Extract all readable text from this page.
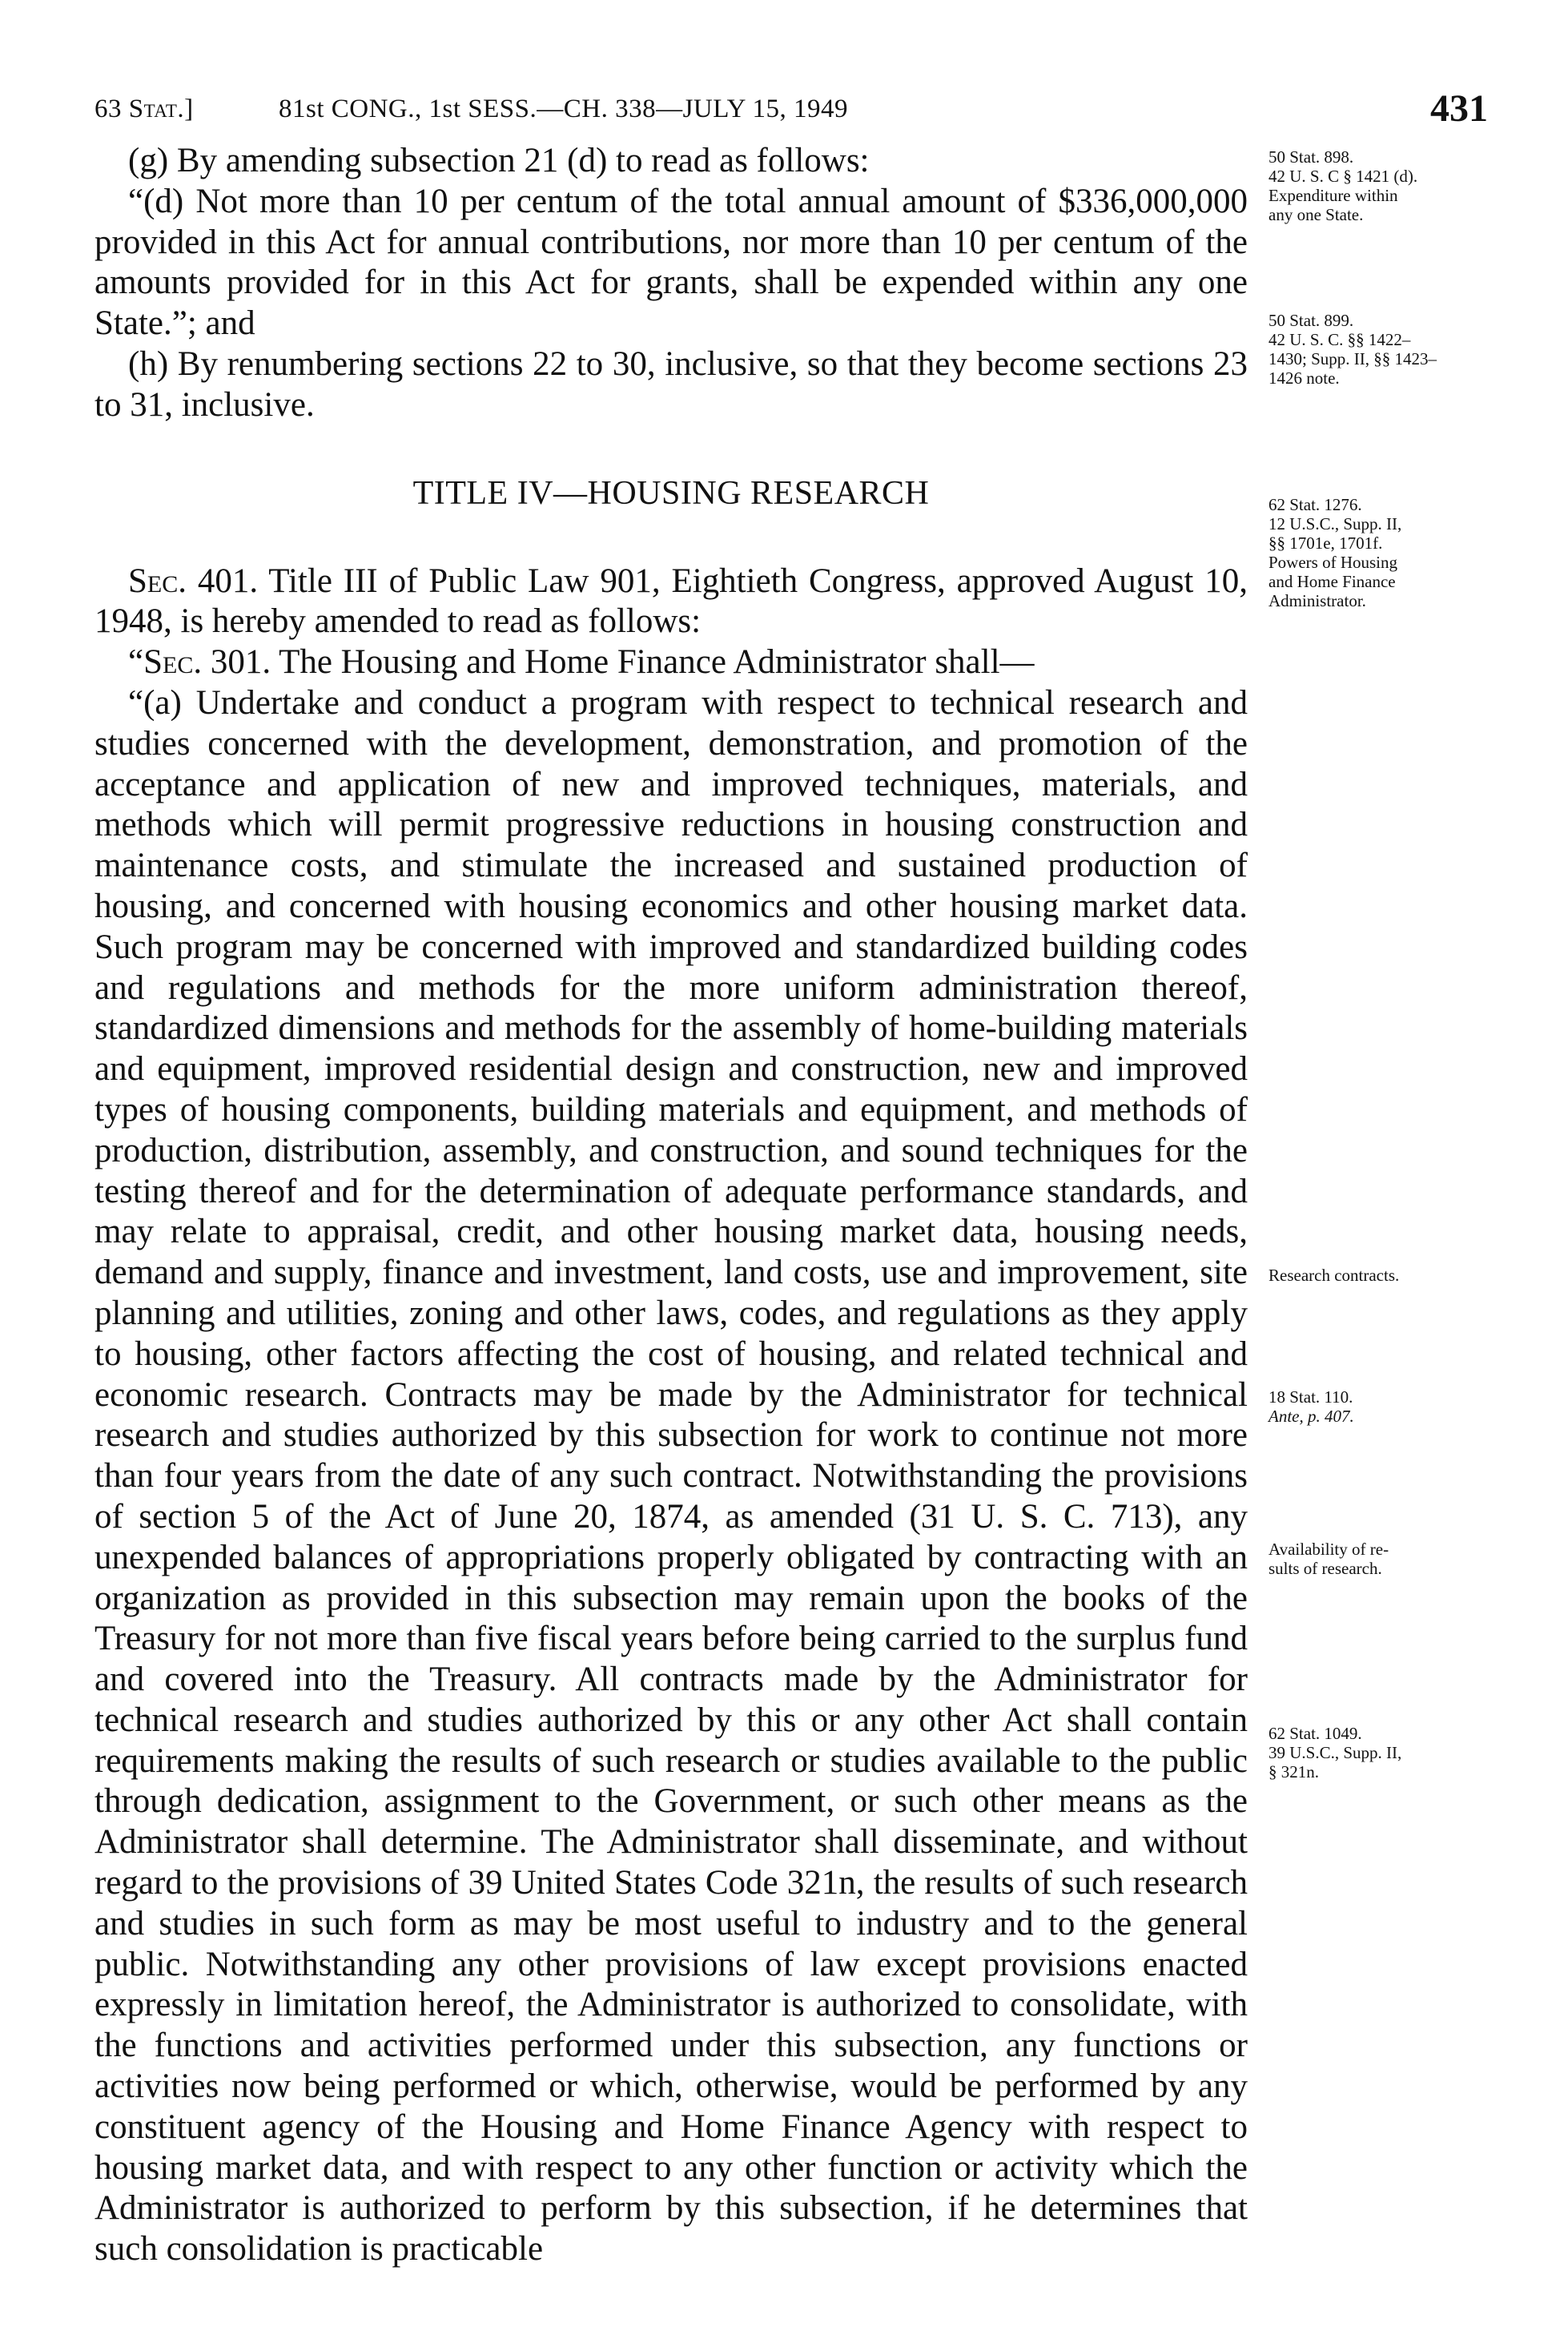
63 Stat.]	81st CONG., 1st SESS.—CH. 338—JULY 15, 1949	431

(g) By amending subsection 21 (d) to read as follows:

“(d) Not more than 10 per centum of the total annual amount of $336,000,000 provided in this Act for annual contributions, nor more than 10 per centum of the amounts provided for in this Act for grants, shall be expended within any one State.”; and

(h) By renumbering sections 22 to 30, inclusive, so that they become sections 23 to 31, inclusive.

TITLE IV—HOUSING RESEARCH

Sec. 401. Title III of Public Law 901, Eightieth Congress, approved August 10, 1948, is hereby amended to read as follows:

“Sec. 301. The Housing and Home Finance Administrator shall—

“(a) Undertake and conduct a program with respect to technical research and studies concerned with the development, demonstration, and promotion of the acceptance and application of new and improved techniques, materials, and methods which will permit progressive reductions in housing construction and maintenance costs, and stimulate the increased and sustained production of housing, and concerned with housing economics and other housing market data. Such program may be concerned with improved and standardized building codes and regulations and methods for the more uniform administration thereof, standardized dimensions and methods for the assembly of home-building materials and equipment, improved residential design and construction, new and improved types of housing components, building materials and equipment, and methods of production, distribution, assembly, and construction, and sound techniques for the testing thereof and for the determination of adequate performance standards, and may relate to appraisal, credit, and other housing market data, housing needs, demand and supply, finance and investment, land costs, use and improvement, site planning and utilities, zoning and other laws, codes, and regulations as they apply to housing, other factors affecting the cost of housing, and related technical and economic research. Contracts may be made by the Administrator for technical research and studies authorized by this subsection for work to continue not more than four years from the date of any such contract. Notwithstanding the provisions of section 5 of the Act of June 20, 1874, as amended (31 U. S. C. 713), any unexpended balances of appropriations properly obligated by contracting with an organization as provided in this subsection may remain upon the books of the Treasury for not more than five fiscal years before being carried to the surplus fund and covered into the Treasury. All contracts made by the Administrator for technical research and studies authorized by this or any other Act shall contain requirements making the results of such research or studies available to the public through dedication, assignment to the Government, or such other means as the Administrator shall determine. The Administrator shall disseminate, and without regard to the provisions of 39 United States Code 321n, the results of such research and studies in such form as may be most useful to industry and to the general public. Notwithstanding any other provisions of law except provisions enacted expressly in limitation hereof, the Administrator is authorized to consolidate, with the functions and activities performed under this subsection, any functions or activities now being performed or which, otherwise, would be performed by any constituent agency of the Housing and Home Finance Agency with respect to housing market data, and with respect to any other function or activity which the Administrator is authorized to perform by this subsection, if he determines that such consolidation is practicable

50 Stat. 898.
42 U. S. C § 1421 (d).
Expenditure within
any one State.
50 Stat. 899.
42 U. S. C. §§ 1422–
1430; Supp. II, §§ 1423–
1426 note.
62 Stat. 1276.
12 U.S.C., Supp. II,
§§ 1701e, 1701f.
Powers of Housing
and Home Finance
Administrator.
Research contracts.
18 Stat. 110.
Ante, p. 407.
Availability of re-
sults of research.
62 Stat. 1049.
39 U.S.C., Supp. II,
§ 321n.
